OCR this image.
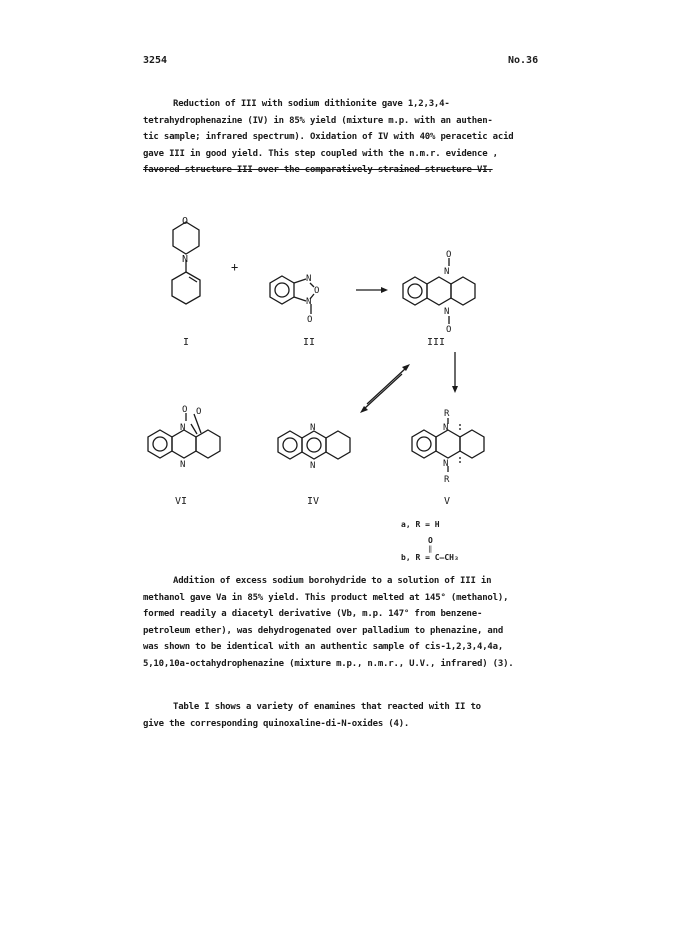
3254	No.36

Reduction of III with sodium dithionite gave 1,2,3,4-

tetrahydrophenazine (IV) in 85% yield (mixture m.p. with an authen-

tic sample; infrared spectrum). Oxidation of IV with 40% peracetic acid

gave III in good yield. This step coupled with the n.m.r. evidence ,

favored structure III over the comparatively strained structure VI.

O
N
+
N
O
N
O
O
N
N
O
I	II	III
O O
N
N
N
N
R
N
N
R
VI	IV	V
a, R = H
O
‖
b, R = C–CH₃

Addition of excess sodium borohydride to a solution of III in

methanol gave Va in 85% yield. This product melted at 145° (methanol),

formed readily a diacetyl derivative (Vb, m.p. 147° from benzene-

petroleum ether), was dehydrogenated over palladium to phenazine, and

was shown to be identical with an authentic sample of cis-1,2,3,4,4a,

5,10,10a-octahydrophenazine (mixture m.p., n.m.r., U.V., infrared) (3).

Table I shows a variety of enamines that reacted with II to

give the corresponding quinoxaline-di-N-oxides (4).
